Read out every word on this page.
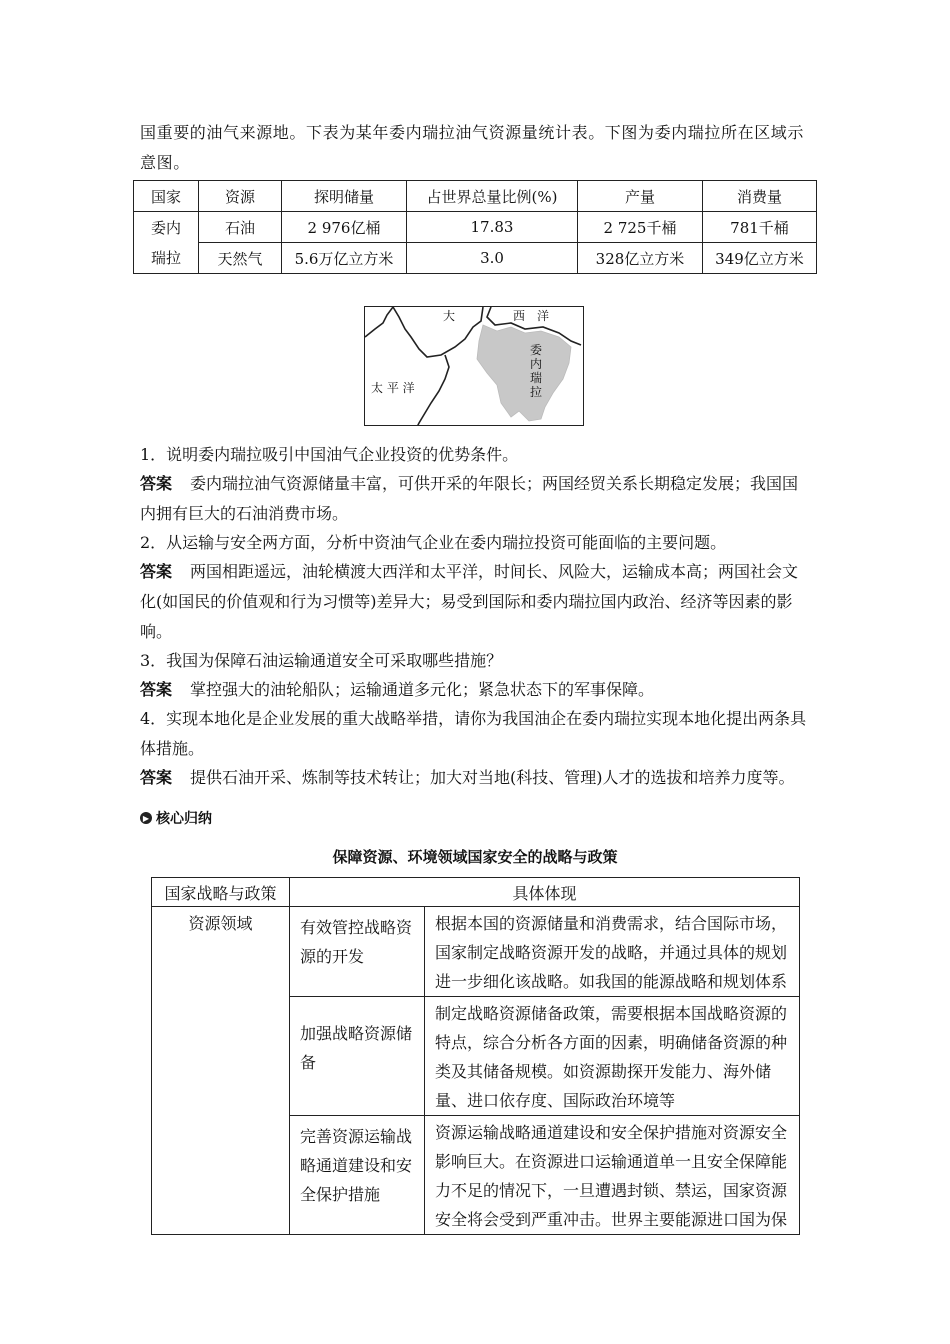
国重要的油气来源地。下表为某年委内瑞拉油气资源量统计表。下图为委内瑞拉所在区域示意图。

国家	资源	探明储量	占世界总量比例(%)	产量	消费量

委内瑞拉	石油	2 976亿桶	17.83	2 725千桶	781千桶
	天然气	5.6万亿立方米	3.0	328亿立方米	349亿立方米
大	西　洋
太 平 洋
委内瑞拉
1．说明委内瑞拉吸引中国油气企业投资的优势条件。
答案 委内瑞拉油气资源储量丰富，可供开采的年限长；两国经贸关系长期稳定发展；我国国内拥有巨大的石油消费市场。
2．从运输与安全两方面，分析中资油气企业在委内瑞拉投资可能面临的主要问题。
答案 两国相距遥远，油轮横渡大西洋和太平洋，时间长、风险大，运输成本高；两国社会文化(如国民的价值观和行为习惯等)差异大；易受到国际和委内瑞拉国内政治、经济等因素的影响。
3．我国为保障石油运输通道安全可采取哪些措施？
答案 掌控强大的油轮船队；运输通道多元化；紧急状态下的军事保障。
4．实现本地化是企业发展的重大战略举措，请你为我国油企在委内瑞拉实现本地化提出两条具体措施。
答案 提供石油开采、炼制等技术转让；加大对当地(科技、管理)人才的选拔和培养力度等。
▶ 核心归纳
保障资源、环境领域国家安全的战略与政策
国家战略与政策	具体体现	
资源领域	有效管控战略资源的开发	根据本国的资源储量和消费需求，结合国际市场，国家制定战略资源开发的战略，并通过具体的规划进一步细化该战略。如我国的能源战略和规划体系
	加强战略资源储备	制定战略资源储备政策，需要根据本国战略资源的特点，综合分析各方面的因素，明确储备资源的种类及其储备规模。如资源勘探开发能力、海外储量、进口依存度、国际政治环境等
	完善资源运输战略通道建设和安全保护措施	资源运输战略通道建设和安全保护措施对资源安全影响巨大。在资源进口运输通道单一且安全保障能力不足的情况下，一旦遭遇封锁、禁运，国家资源安全将会受到严重冲击。世界主要能源进口国为保
